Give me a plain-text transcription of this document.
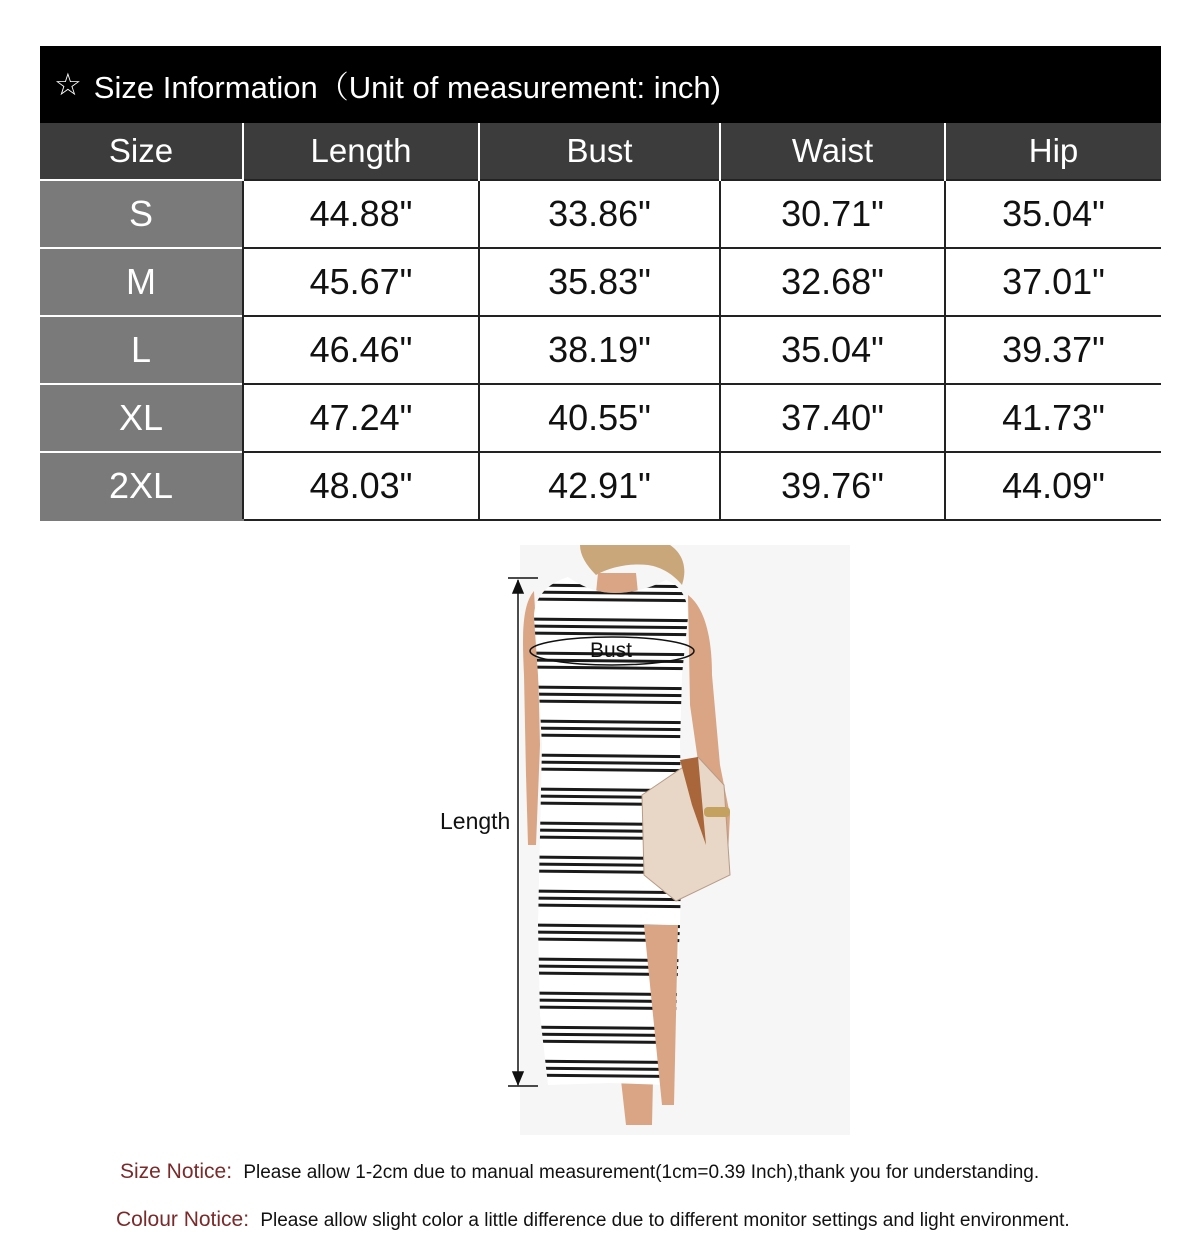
☆ Size Information（Unit of measurement: inch)
Size	Length	Bust	Waist	Hip
S	44.88"	33.86"	30.71"	35.04"
M	45.67"	35.83"	32.68"	37.01"
L	46.46"	38.19"	35.04"	39.37"
XL	47.24"	40.55"	37.40"	41.73"
2XL	48.03"	42.91"	39.76"	44.09"
Bust
Length
Size Notice: Please allow 1-2cm due to manual measurement(1cm=0.39 Inch),thank you for understanding.
Colour Notice: Please allow slight color a little difference due to different monitor settings and light environment.
